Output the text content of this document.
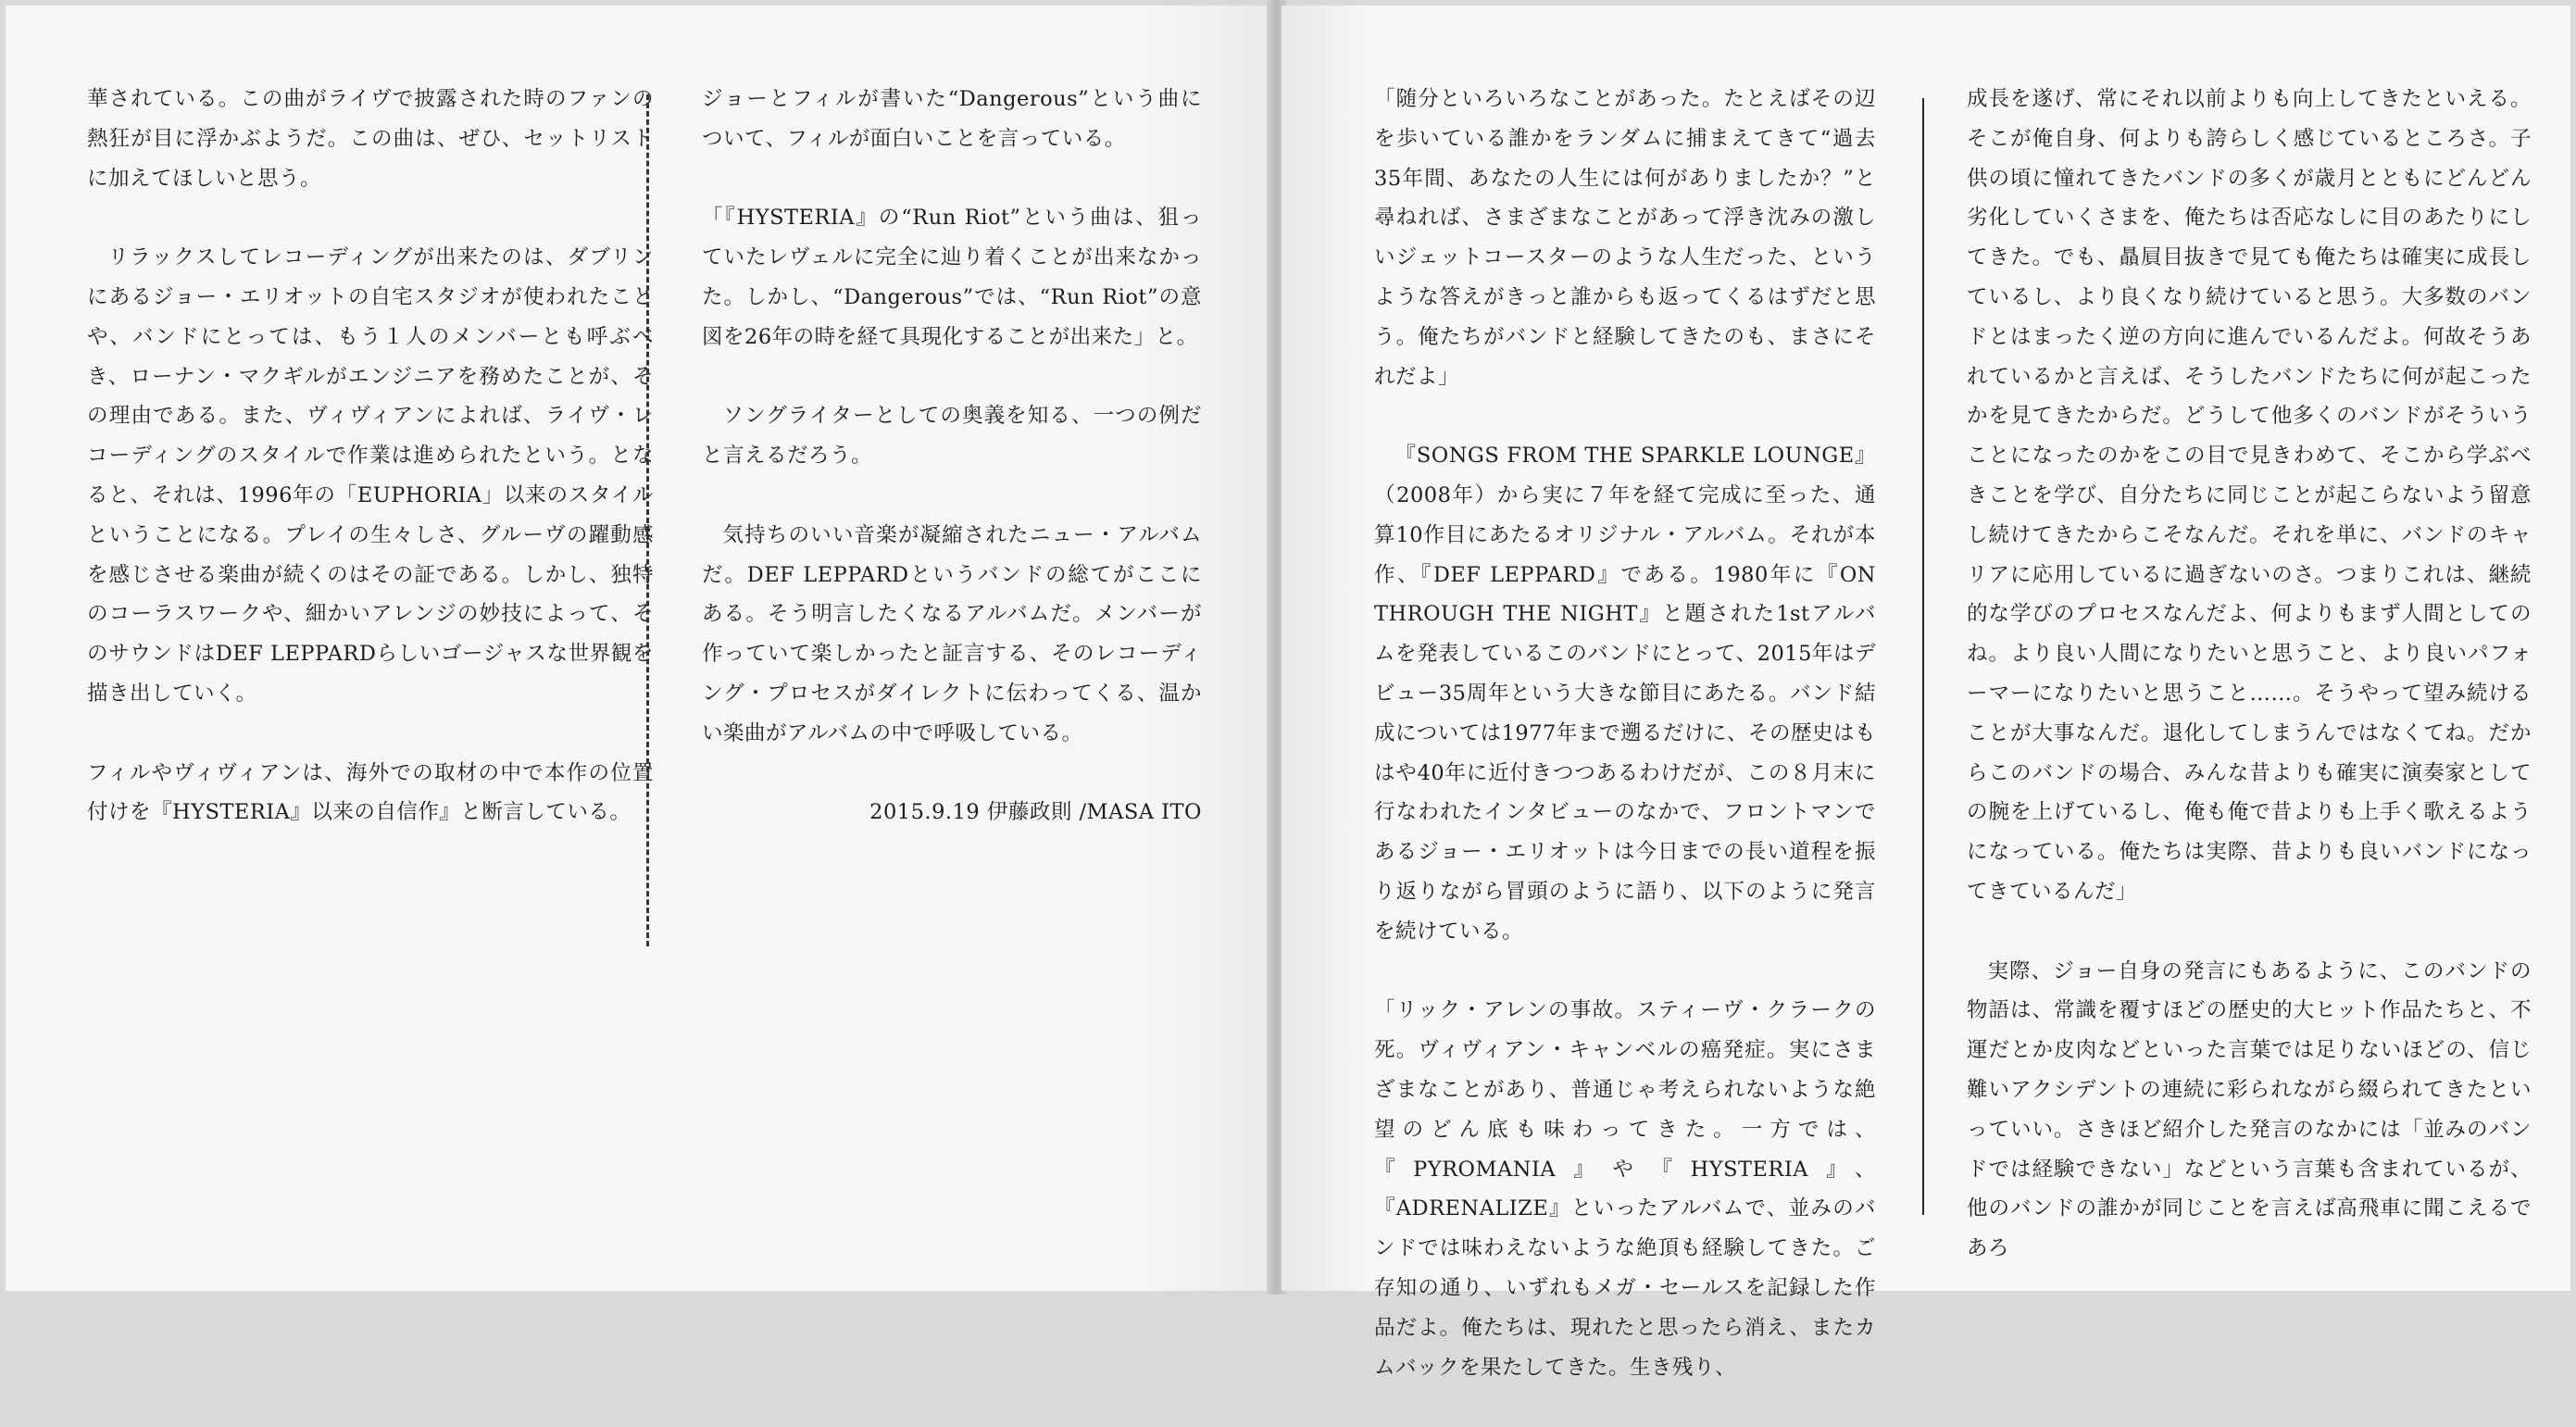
華されている。この曲がライヴで披露された時のファンの熱狂が目に浮かぶようだ。この曲は、ぜひ、セットリストに加えてほしいと思う。

リラックスしてレコーディングが出来たのは、ダブリンにあるジョー・エリオットの自宅スタジオが使われたことや、バンドにとっては、もう１人のメンバーとも呼ぶべき、ローナン・マクギルがエンジニアを務めたことが、その理由である。また、ヴィヴィアンによれば、ライヴ・レコーディングのスタイルで作業は進められたという。となると、それは、1996年の「EUPHORIA」以来のスタイルということになる。プレイの生々しさ、グルーヴの躍動感を感じさせる楽曲が続くのはその証である。しかし、独特のコーラスワークや、細かいアレンジの妙技によって、そのサウンドはDEF LEPPARDらしいゴージャスな世界観を描き出していく。

フィルやヴィヴィアンは、海外での取材の中で本作の位置付けを『HYSTERIA』以来の自信作』と断言している。

ジョーとフィルが書いた“Dangerous”という曲について、フィルが面白いことを言っている。

「『HYSTERIA』の“Run Riot”という曲は、狙っていたレヴェルに完全に辿り着くことが出来なかった。しかし、“Dangerous”では、“Run Riot”の意図を26年の時を経て具現化することが出来た」と。

ソングライターとしての奥義を知る、一つの例だと言えるだろう。

気持ちのいい音楽が凝縮されたニュー・アルバムだ。DEF LEPPARDというバンドの総てがここにある。そう明言したくなるアルバムだ。メンバーが作っていて楽しかったと証言する、そのレコーディング・プロセスがダイレクトに伝わってくる、温かい楽曲がアルバムの中で呼吸している。

2015.9.19 伊藤政則 /MASA ITO

「随分といろいろなことがあった。たとえばその辺を歩いている誰かをランダムに捕まえてきて“過去35年間、あなたの人生には何がありましたか？”と尋ねれば、さまざまなことがあって浮き沈みの激しいジェットコースターのような人生だった、というような答えがきっと誰からも返ってくるはずだと思う。俺たちがバンドと経験してきたのも、まさにそれだよ」

『SONGS FROM THE SPARKLE LOUNGE』（2008年）から実に７年を経て完成に至った、通算10作目にあたるオリジナル・アルバム。それが本作、『DEF LEPPARD』である。1980年に『ON THROUGH THE NIGHT』と題された1stアルバムを発表しているこのバンドにとって、2015年はデビュー35周年という大きな節目にあたる。バンド結成については1977年まで遡るだけに、その歴史はもはや40年に近付きつつあるわけだが、この８月末に行なわれたインタビューのなかで、フロントマンであるジョー・エリオットは今日までの長い道程を振り返りながら冒頭のように語り、以下のように発言を続けている。

「リック・アレンの事故。スティーヴ・クラークの死。ヴィヴィアン・キャンベルの癌発症。実にさまざまなことがあり、普通じゃ考えられないような絶望のどん底も味わってきた。一方では、『PYROMANIA』や『HYSTERIA』、『ADRENALIZE』といったアルバムで、並みのバンドでは味わえないような絶頂も経験してきた。ご存知の通り、いずれもメガ・セールスを記録した作品だよ。俺たちは、現れたと思ったら消え、またカムバックを果たしてきた。生き残り、

成長を遂げ、常にそれ以前よりも向上してきたといえる。そこが俺自身、何よりも誇らしく感じているところさ。子供の頃に憧れてきたバンドの多くが歳月とともにどんどん劣化していくさまを、俺たちは否応なしに目のあたりにしてきた。でも、贔屓目抜きで見ても俺たちは確実に成長しているし、より良くなり続けていると思う。大多数のバンドとはまったく逆の方向に進んでいるんだよ。何故そうあれているかと言えば、そうしたバンドたちに何が起こったかを見てきたからだ。どうして他多くのバンドがそういうことになったのかをこの目で見きわめて、そこから学ぶべきことを学び、自分たちに同じことが起こらないよう留意し続けてきたからこそなんだ。それを単に、バンドのキャリアに応用しているに過ぎないのさ。つまりこれは、継続的な学びのプロセスなんだよ、何よりもまず人間としてのね。より良い人間になりたいと思うこと、より良いパフォーマーになりたいと思うこと……。そうやって望み続けることが大事なんだ。退化してしまうんではなくてね。だからこのバンドの場合、みんな昔よりも確実に演奏家としての腕を上げているし、俺も俺で昔よりも上手く歌えるようになっている。俺たちは実際、昔よりも良いバンドになってきているんだ」

実際、ジョー自身の発言にもあるように、このバンドの物語は、常識を覆すほどの歴史的大ヒット作品たちと、不運だとか皮肉などといった言葉では足りないほどの、信じ難いアクシデントの連続に彩られながら綴られてきたといっていい。さきほど紹介した発言のなかには「並みのバンドでは経験できない」などという言葉も含まれているが、他のバンドの誰かが同じことを言えば高飛車に聞こえるであろ
